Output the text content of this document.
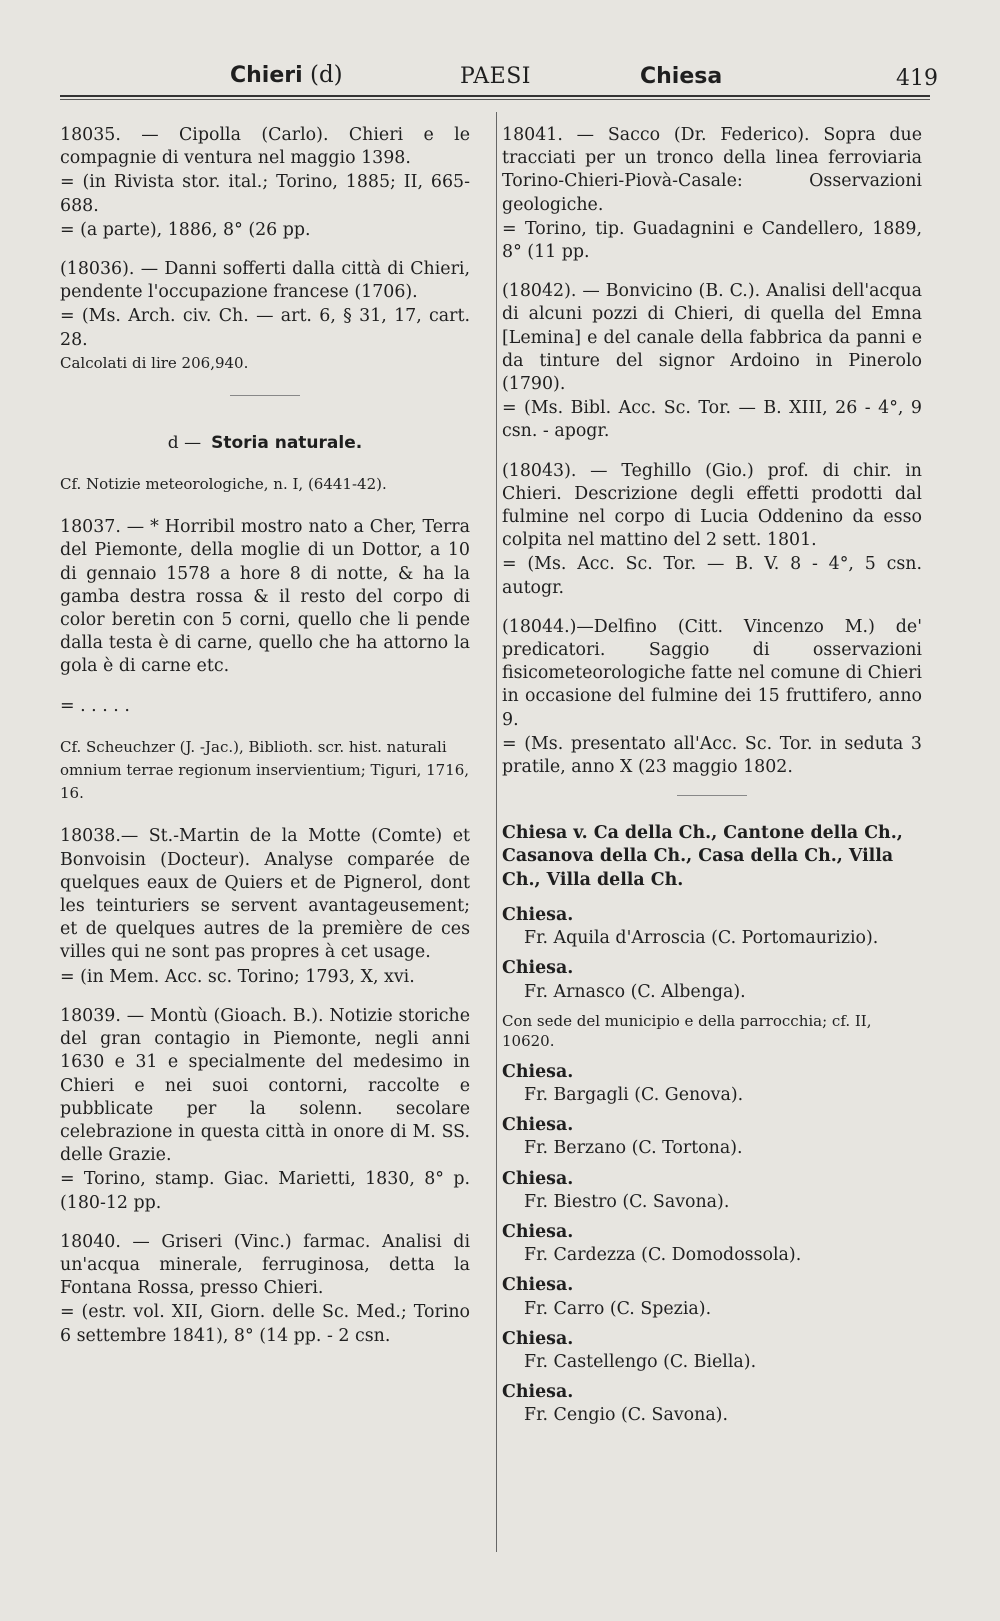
Chieri (d)	PAESI	Chiesa	419
18035. — Cipolla (Carlo). Chieri e le compagnie di ventura nel maggio 1398.
= (in Rivista stor. ital.; Torino, 1885; II, 665-688.
= (a parte), 1886, 8° (26 pp.
(18036). — Danni sofferti dalla città di Chieri, pendente l'occupazione francese (1706).
= (Ms. Arch. civ. Ch. — art. 6, § 31, 17, cart. 28.
Calcolati di lire 206,940.
d — Storia naturale.
Cf. Notizie meteorologiche, n. I, (6441-42).
18037. — * Horribil mostro nato a Cher, Terra del Piemonte, della moglie di un Dottor, a 10 di gennaio 1578 a hore 8 di notte, & ha la gamba destra rossa & il resto del corpo di color beretin con 5 corni, quello che li pende dalla testa è di carne, quello che ha attorno la gola è di carne etc.
= . . . . .
Cf. Scheuchzer (J. -Jac.), Biblioth. scr. hist. naturali omnium terrae regionum inservientium; Tiguri, 1716, 16.
18038.— St.-Martin de la Motte (Comte) et Bonvoisin (Docteur). Analyse comparée de quelques eaux de Quiers et de Pignerol, dont les teinturiers se servent avantageusement; et de quelques autres de la première de ces villes qui ne sont pas propres à cet usage.
= (in Mem. Acc. sc. Torino; 1793, X, xvi.
18039. — Montù (Gioach. B.). Notizie storiche del gran contagio in Piemonte, negli anni 1630 e 31 e specialmente del medesimo in Chieri e nei suoi contorni, raccolte e pubblicate per la solenn. secolare celebrazione in questa città in onore di M. SS. delle Grazie.
= Torino, stamp. Giac. Marietti, 1830, 8° p. (180-12 pp.
18040. — Griseri (Vinc.) farmac. Analisi di un'acqua minerale, ferruginosa, detta la Fontana Rossa, presso Chieri.
= (estr. vol. XII, Giorn. delle Sc. Med.; Torino 6 settembre 1841), 8° (14 pp. - 2 csn.
18041. — Sacco (Dr. Federico). Sopra due tracciati per un tronco della linea ferroviaria Torino-Chieri-Piovà-Casale: Osservazioni geologiche.
= Torino, tip. Guadagnini e Candellero, 1889, 8° (11 pp.
(18042). — Bonvicino (B. C.). Analisi dell'acqua di alcuni pozzi di Chieri, di quella del Emna [Lemina] e del canale della fabbrica da panni e da tinture del signor Ardoino in Pinerolo (1790).
= (Ms. Bibl. Acc. Sc. Tor. — B. XIII, 26 - 4°, 9 csn. - apogr.
(18043). — Teghillo (Gio.) prof. di chir. in Chieri. Descrizione degli effetti prodotti dal fulmine nel corpo di Lucia Oddenino da esso colpita nel mattino del 2 sett. 1801.
= (Ms. Acc. Sc. Tor. — B. V. 8 - 4°, 5 csn. autogr.
(18044.)—Delfino (Citt. Vincenzo M.) de' predicatori. Saggio di osservazioni fisicometeorologiche fatte nel comune di Chieri in occasione del fulmine dei 15 fruttifero, anno 9.
= (Ms. presentato all'Acc. Sc. Tor. in seduta 3 pratile, anno X (23 maggio 1802.
Chiesa v. Ca della Ch., Cantone della Ch., Casanova della Ch., Casa della Ch., Villa Ch., Villa della Ch.
Chiesa.
Fr. Aquila d'Arroscia (C. Portomaurizio).
Chiesa.
Fr. Arnasco (C. Albenga).
Con sede del municipio e della parrocchia; cf. II, 10620.
Chiesa.
Fr. Bargagli (C. Genova).
Chiesa.
Fr. Berzano (C. Tortona).
Chiesa.
Fr. Biestro (C. Savona).
Chiesa.
Fr. Cardezza (C. Domodossola).
Chiesa.
Fr. Carro (C. Spezia).
Chiesa.
Fr. Castellengo (C. Biella).
Chiesa.
Fr. Cengio (C. Savona).
